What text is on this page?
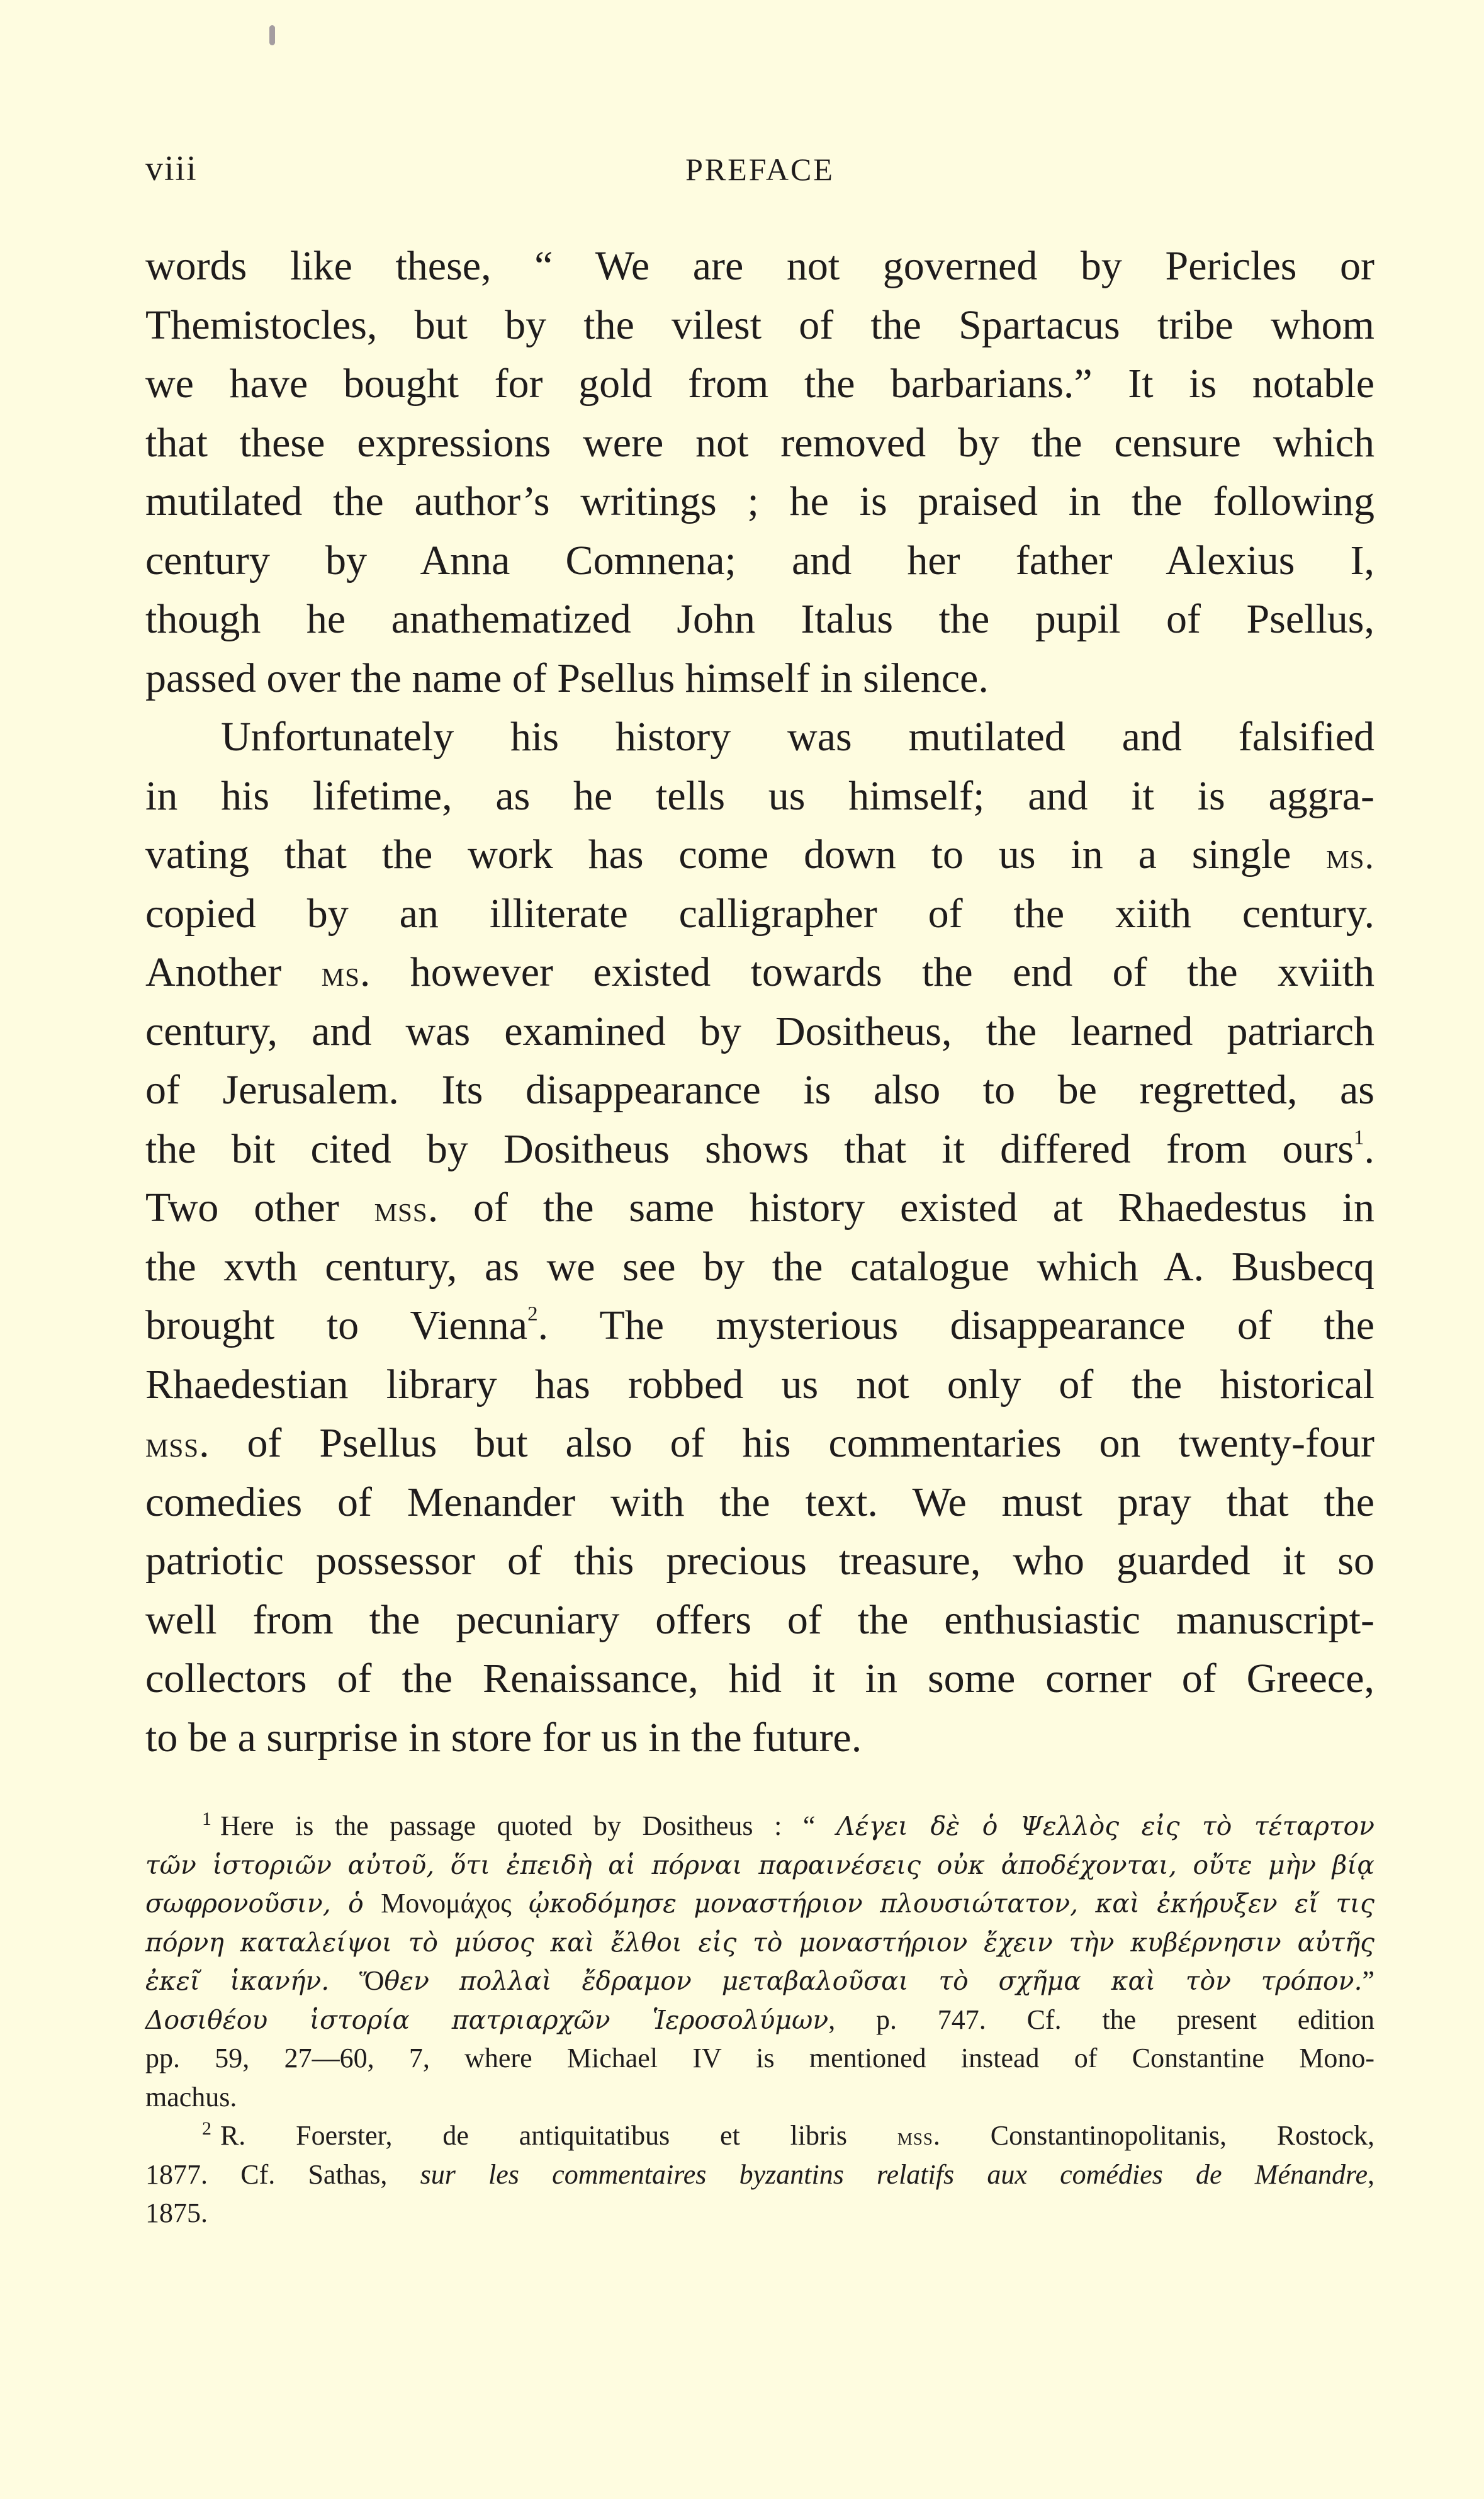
viii	PREFACE
words like these, “ We are not governed by Pericles or
Themistocles, but by the vilest of the Spartacus tribe whom
we have bought for gold from the barbarians.” It is notable
that these expressions were not removed by the censure which
mutilated the author’s writings ; he is praised in the following
century by Anna Comnena; and her father Alexius I,
though he anathematized John Italus the pupil of Psellus,
passed over the name of Psellus himself in silence.
Unfortunately his history was mutilated and falsified
in his lifetime, as he tells us himself; and it is aggra-
vating that the work has come down to us in a single ms.
copied by an illiterate calligrapher of the xiith century.
Another ms. however existed towards the end of the xviith
century, and was examined by Dositheus, the learned patriarch
of Jerusalem. Its disappearance is also to be regretted, as
the bit cited by Dositheus shows that it differed from ours$^1$.
Two other mss. of the same history existed at Rhaedestus in
the xvth century, as we see by the catalogue which A. Busbecq
brought to Vienna$^2$. The mysterious disappearance of the
Rhaedestian library has robbed us not only of the historical
mss. of Psellus but also of his commentaries on twenty-four
comedies of Menander with the text. We must pray that the
patriotic possessor of this precious treasure, who guarded it so
well from the pecuniary offers of the enthusiastic manuscript-
collectors of the Renaissance, hid it in some corner of Greece,
to be a surprise in store for us in the future.
$^1$ Here is the passage quoted by Dositheus : “ Λέγει δὲ ὁ Ψελλὸς εἰς τὸ τέταρτον
τῶν ἱστοριῶν αὐτοῦ, ὅτι ἐπειδὴ αἱ πόρναι παραινέσεις οὐκ ἀποδέχονται, οὔτε μὴν βίᾳ
σωφρονοῦσιν, ὁ Μονομάχος ᾠκοδόμησε μοναστήριον πλουσιώτατον, καὶ ἐκήρυξεν εἴ τις
πόρνη καταλείψοι τὸ μύσος καὶ ἔλθοι εἰς τὸ μοναστήριον ἔχειν τὴν κυβέρνησιν αὐτῆς
ἐκεῖ ἱκανήν. Ὅθεν πολλαὶ ἔδραμον μεταβαλοῦσαι τὸ σχῆμα καὶ τὸν τρόπον.”
Δοσιθέου ἱστορία πατριαρχῶν Ἱεροσολύμων, p. 747. Cf. the present edition
pp. 59, 27—60, 7, where Michael IV is mentioned instead of Constantine Mono-
machus.
$^2$ R. Foerster, de antiquitatibus et libris mss. Constantinopolitanis, Rostock,
1877. Cf. Sathas, sur les commentaires byzantins relatifs aux comédies de Ménandre,
1875.
